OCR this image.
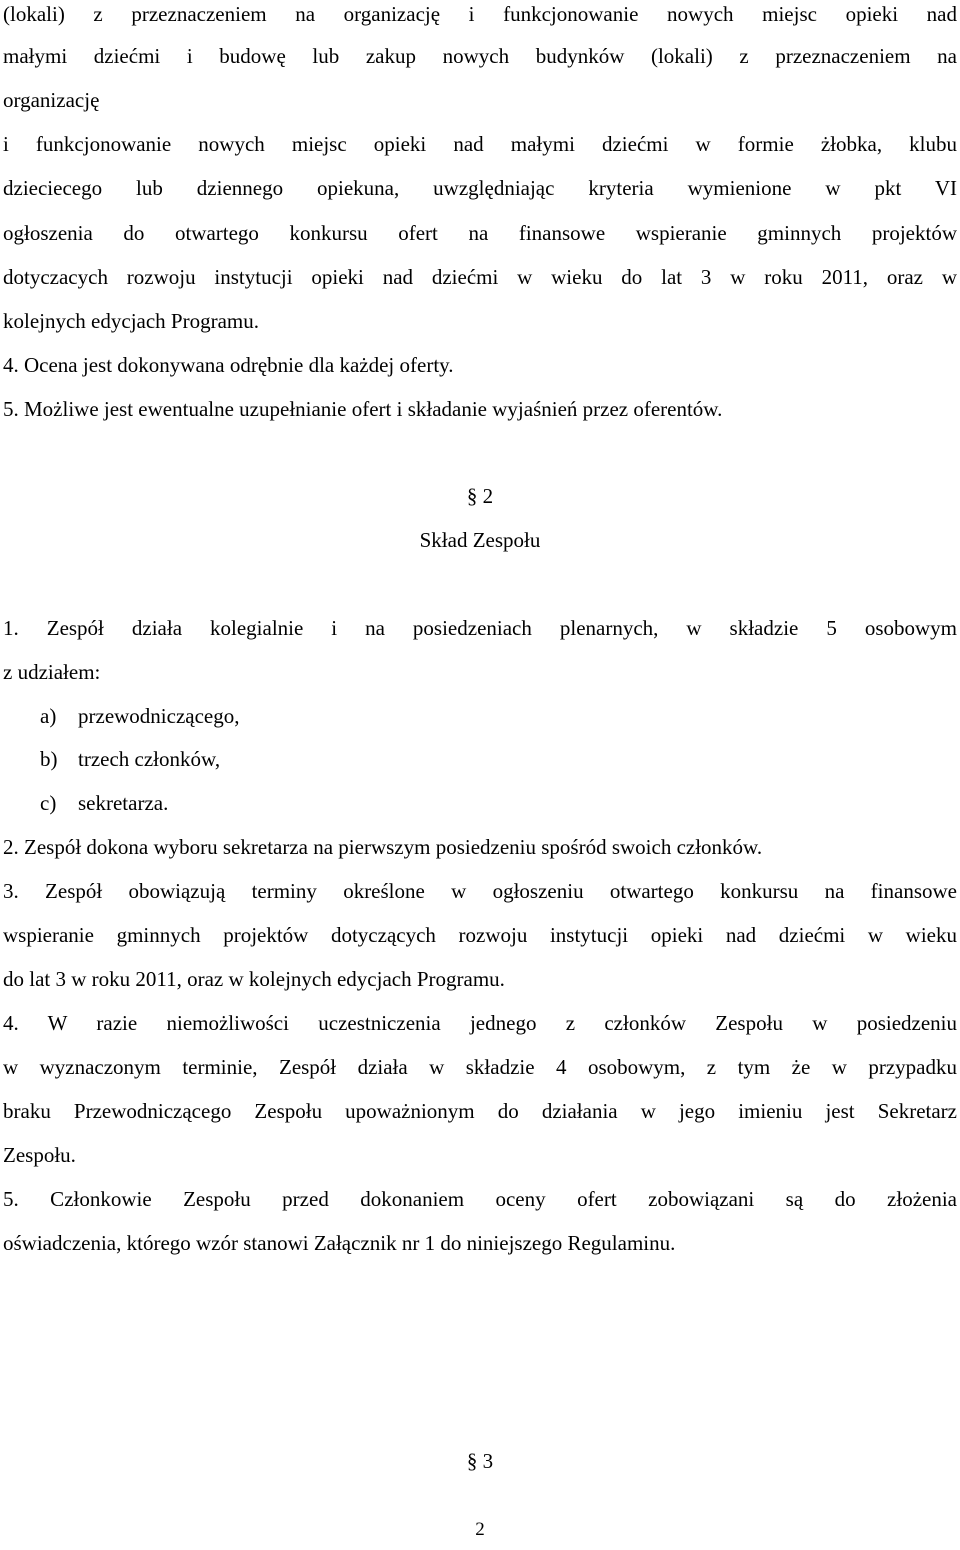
(lokali) z przeznaczeniem na organizację i funkcjonowanie nowych miejsc opieki nad
małymi dziećmi i budowę lub zakup nowych budynków (lokali) z przeznaczeniem na
organizację
i funkcjonowanie nowych miejsc opieki nad małymi dziećmi w formie żłobka, klubu
dzieciecego lub dziennego opiekuna, uwzględniając kryteria wymienione w pkt VI
ogłoszenia do otwartego konkursu ofert na finansowe wspieranie gminnych projektów
dotyczacych rozwoju instytucji opieki nad dziećmi w wieku do lat 3 w roku 2011, oraz w
kolejnych edycjach Programu.
4. Ocena jest dokonywana odrębnie dla każdej oferty.
5. Możliwe jest ewentualne uzupełnianie ofert i składanie wyjaśnień przez oferentów.
§ 2
Skład Zespołu
1. Zespół działa kolegialnie i na posiedzeniach plenarnych, w składzie 5 osobowym
z udziałem:
a) przewodniczącego,
b) trzech członków,
c) sekretarza.
2. Zespół dokona wyboru sekretarza na pierwszym posiedzeniu spośród swoich członków.
3. Zespół obowiązują terminy określone w ogłoszeniu otwartego konkursu na finansowe
wspieranie gminnych projektów dotyczących rozwoju instytucji opieki nad dziećmi w wieku
do lat 3 w roku 2011, oraz w kolejnych edycjach Programu.
4. W razie niemożliwości uczestniczenia jednego z członków Zespołu w posiedzeniu
w wyznaczonym terminie, Zespół działa w składzie 4 osobowym, z tym że w przypadku
braku Przewodniczącego Zespołu upoważnionym do działania w jego imieniu jest Sekretarz
Zespołu.
5. Członkowie Zespołu przed dokonaniem oceny ofert zobowiązani są do złożenia
oświadczenia, którego wzór stanowi Załącznik nr 1 do niniejszego Regulaminu.
§ 3
2
